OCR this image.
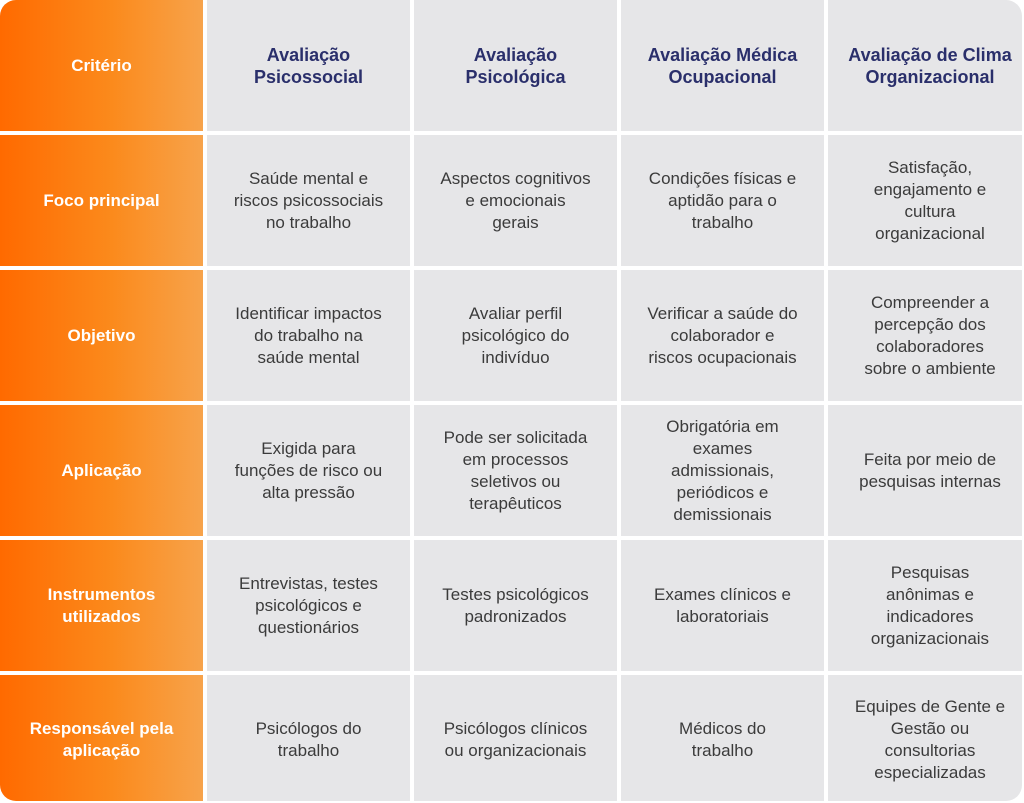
Critério
Avaliação Psicossocial
Avaliação Psicológica
Avaliação Médica Ocupacional
Avaliação de Clima Organizacional
Foco principal
Saúde mental e riscos psicossociais no trabalho
Aspectos cognitivos e emocionais gerais
Condições físicas e aptidão para o trabalho
Satisfação, engajamento e cultura organizacional
Objetivo
Identificar impactos do trabalho na saúde mental
Avaliar perfil psicológico do indivíduo
Verificar a saúde do colaborador e riscos ocupacionais
Compreender a percepção dos colaboradores sobre o ambiente
Aplicação
Exigida para funções de risco ou alta pressão
Pode ser solicitada em processos seletivos ou terapêuticos
Obrigatória em exames admissionais, periódicos e demissionais
Feita por meio de pesquisas internas
Instrumentos utilizados
Entrevistas, testes psicológicos e questionários
Testes psicológicos padronizados
Exames clínicos e laboratoriais
Pesquisas anônimas e indicadores organizacionais
Responsável pela aplicação
Psicólogos do trabalho
Psicólogos clínicos ou organizacionais
Médicos do trabalho
Equipes de Gente e Gestão ou consultorias especializadas
